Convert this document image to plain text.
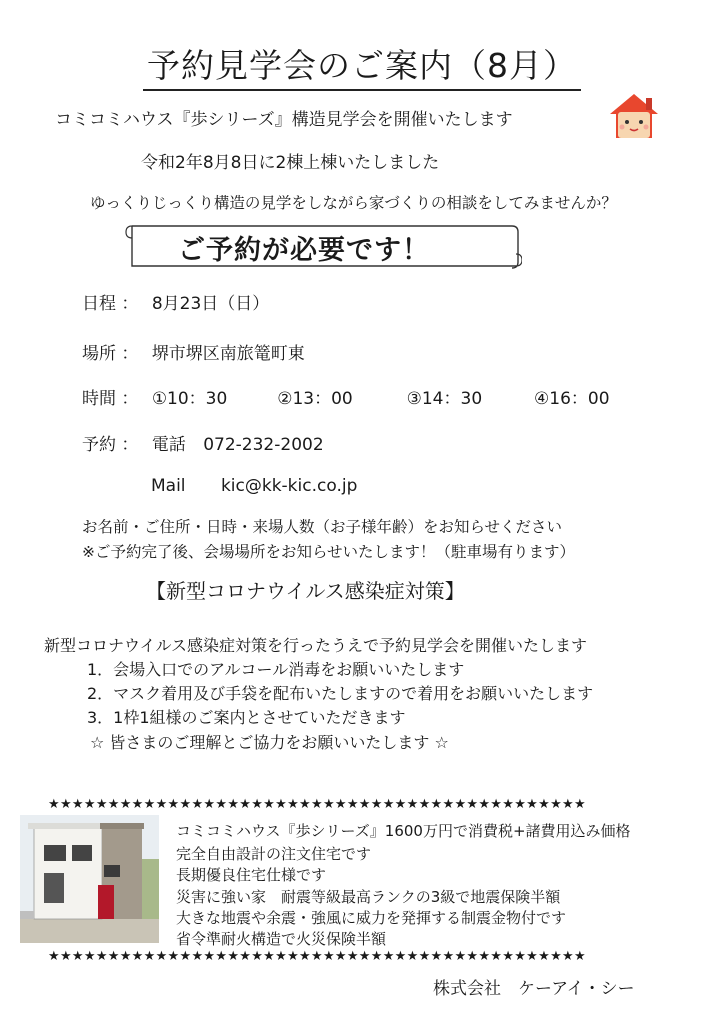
予約見学会のご案内（8月）
コミコミハウス『歩シリーズ』構造見学会を開催いたします
令和2年8月8日に2棟上棟いたしました
ゆっくりじっくり構造の見学をしながら家づくりの相談をしてみませんか？
ご予約が必要です！
日程 ： 8月23日（日）
場所 ： 堺市堺区南旅篭町東
時間 ： ①10：30	②13：00	③14：30	④16：00
予約 ： 電話 072-232-2002
Mail kic@kk-kic.co.jp
お名前・ご住所・日時・来場人数（お子様年齢）をお知らせください
※ご予約完了後、会場場所をお知らせいたします！（駐車場有ります）
【新型コロナウイルス感染症対策】
新型コロナウイルス感染症対策を行ったうえで予約見学会を開催いたします
1．会場入口でのアルコール消毒をお願いいたします
2．マスク着用及び手袋を配布いたしますので着用をお願いいたします
3．1枠1組様のご案内とさせていただきます
☆ 皆さまのご理解とご協力をお願いいたします ☆
★★★★★★★★★★★★★★★★★★★★★★★★★★★★★★★★★★★★★★★★★★★★★
★★★★★★★★★★★★★★★★★★★★★★★★★★★★★★★★★★★★★★★★★★★★★
コミコミハウス『歩シリーズ』1600万円で消費税+諸費用込み価格
完全自由設計の注文住宅です
長期優良住宅仕様です
災害に強い家　耐震等級最高ランクの3級で地震保険半額
大きな地震や余震・強風に威力を発揮する制震金物付です
省令準耐火構造で火災保険半額
株式会社　ケーアイ・シー
